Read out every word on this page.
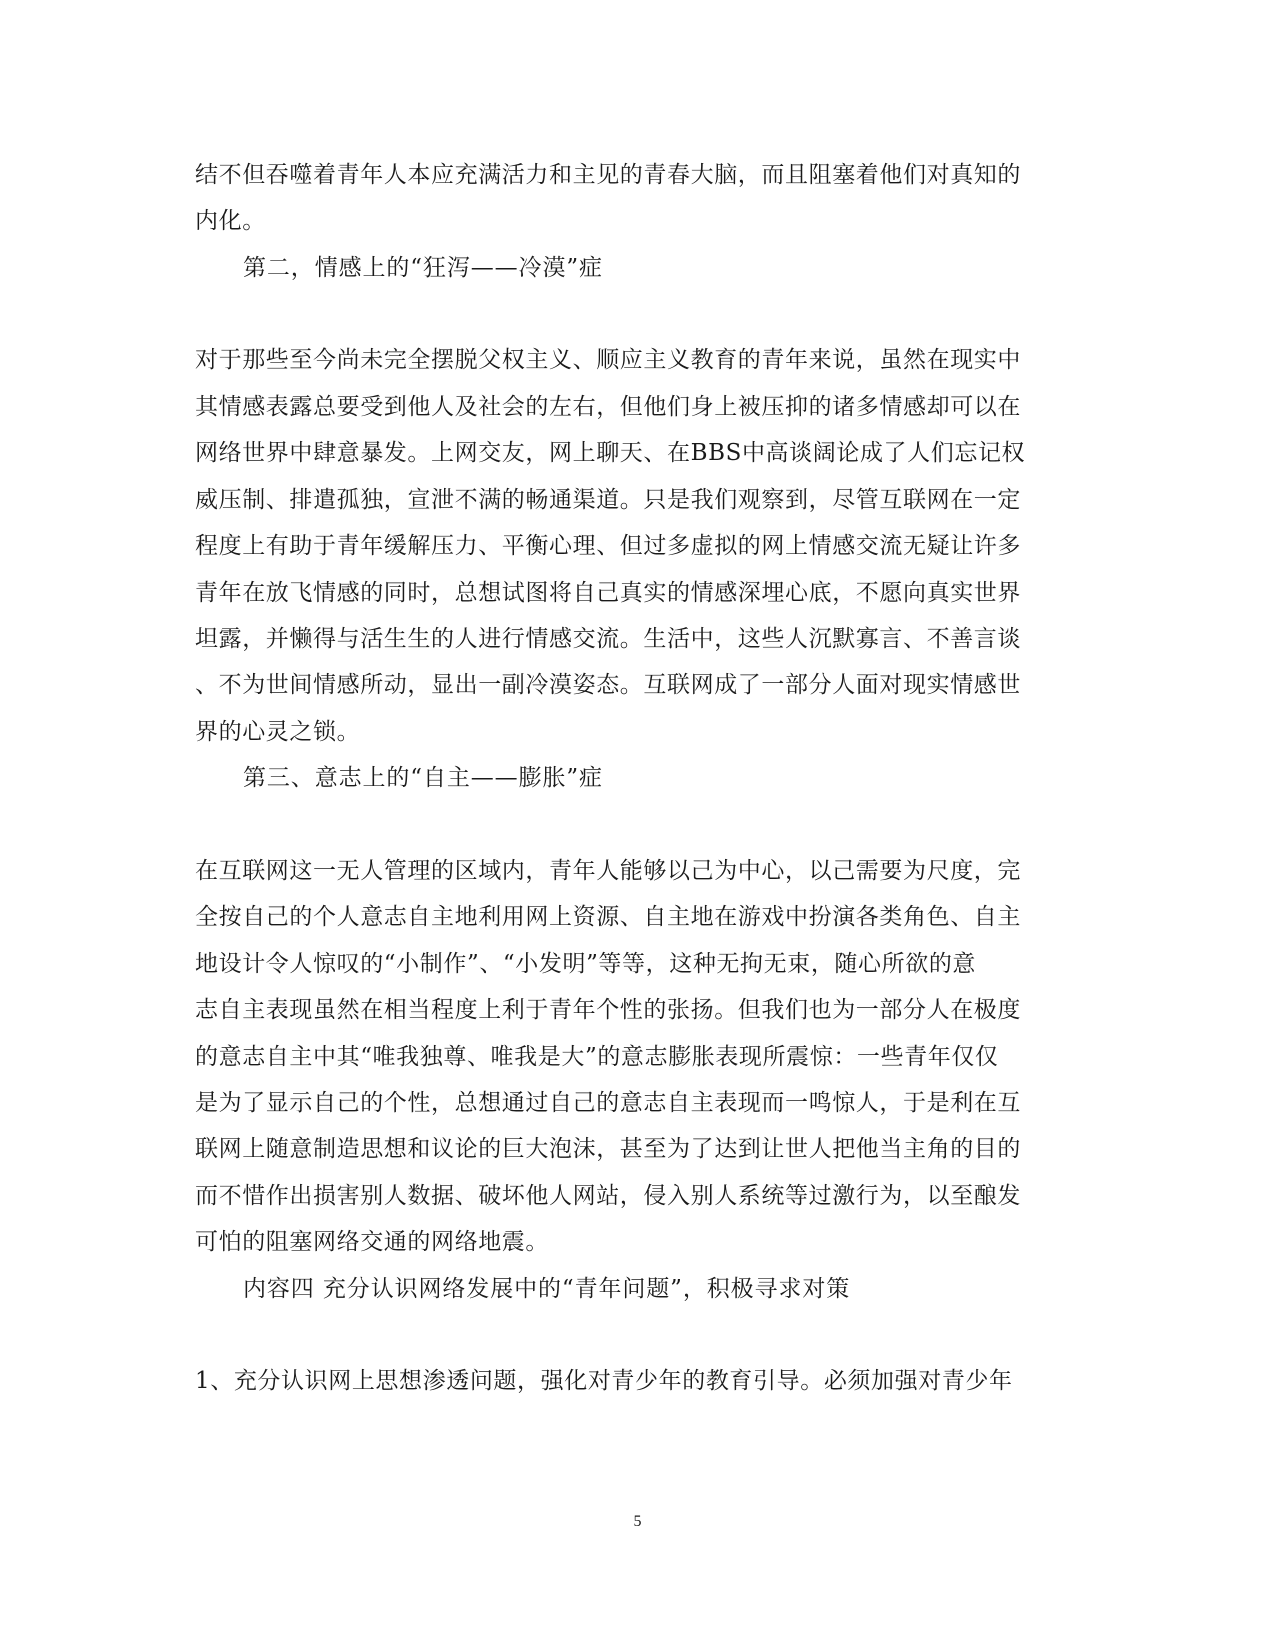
结不但吞噬着青年人本应充满活力和主见的青春大脑，而且阻塞着他们对真知的
内化。
第二，情感上的“狂泻——冷漠”症
对于那些至今尚未完全摆脱父权主义、顺应主义教育的青年来说，虽然在现实中
其情感表露总要受到他人及社会的左右，但他们身上被压抑的诸多情感却可以在
网络世界中肆意暴发。上网交友，网上聊天、在BBS中高谈阔论成了人们忘记权
威压制、排遣孤独，宣泄不满的畅通渠道。只是我们观察到，尽管互联网在一定
程度上有助于青年缓解压力、平衡心理、但过多虚拟的网上情感交流无疑让许多
青年在放飞情感的同时，总想试图将自己真实的情感深埋心底，不愿向真实世界
坦露，并懒得与活生生的人进行情感交流。生活中，这些人沉默寡言、不善言谈
、不为世间情感所动，显出一副冷漠姿态。互联网成了一部分人面对现实情感世
界的心灵之锁。
第三、意志上的“自主——膨胀”症
在互联网这一无人管理的区域内，青年人能够以己为中心，以己需要为尺度，完
全按自己的个人意志自主地利用网上资源、自主地在游戏中扮演各类角色、自主
地设计令人惊叹的“小制作”、“小发明”等等，这种无拘无束，随心所欲的意
志自主表现虽然在相当程度上利于青年个性的张扬。但我们也为一部分人在极度
的意志自主中其“唯我独尊、唯我是大”的意志膨胀表现所震惊：一些青年仅仅
是为了显示自己的个性，总想通过自己的意志自主表现而一鸣惊人，于是利在互
联网上随意制造思想和议论的巨大泡沫，甚至为了达到让世人把他当主角的目的
而不惜作出损害别人数据、破坏他人网站，侵入别人系统等过激行为，以至酿发
可怕的阻塞网络交通的网络地震。
内容四 充分认识网络发展中的“青年问题”，积极寻求对策
1、充分认识网上思想渗透问题，强化对青少年的教育引导。必须加强对青少年
5
